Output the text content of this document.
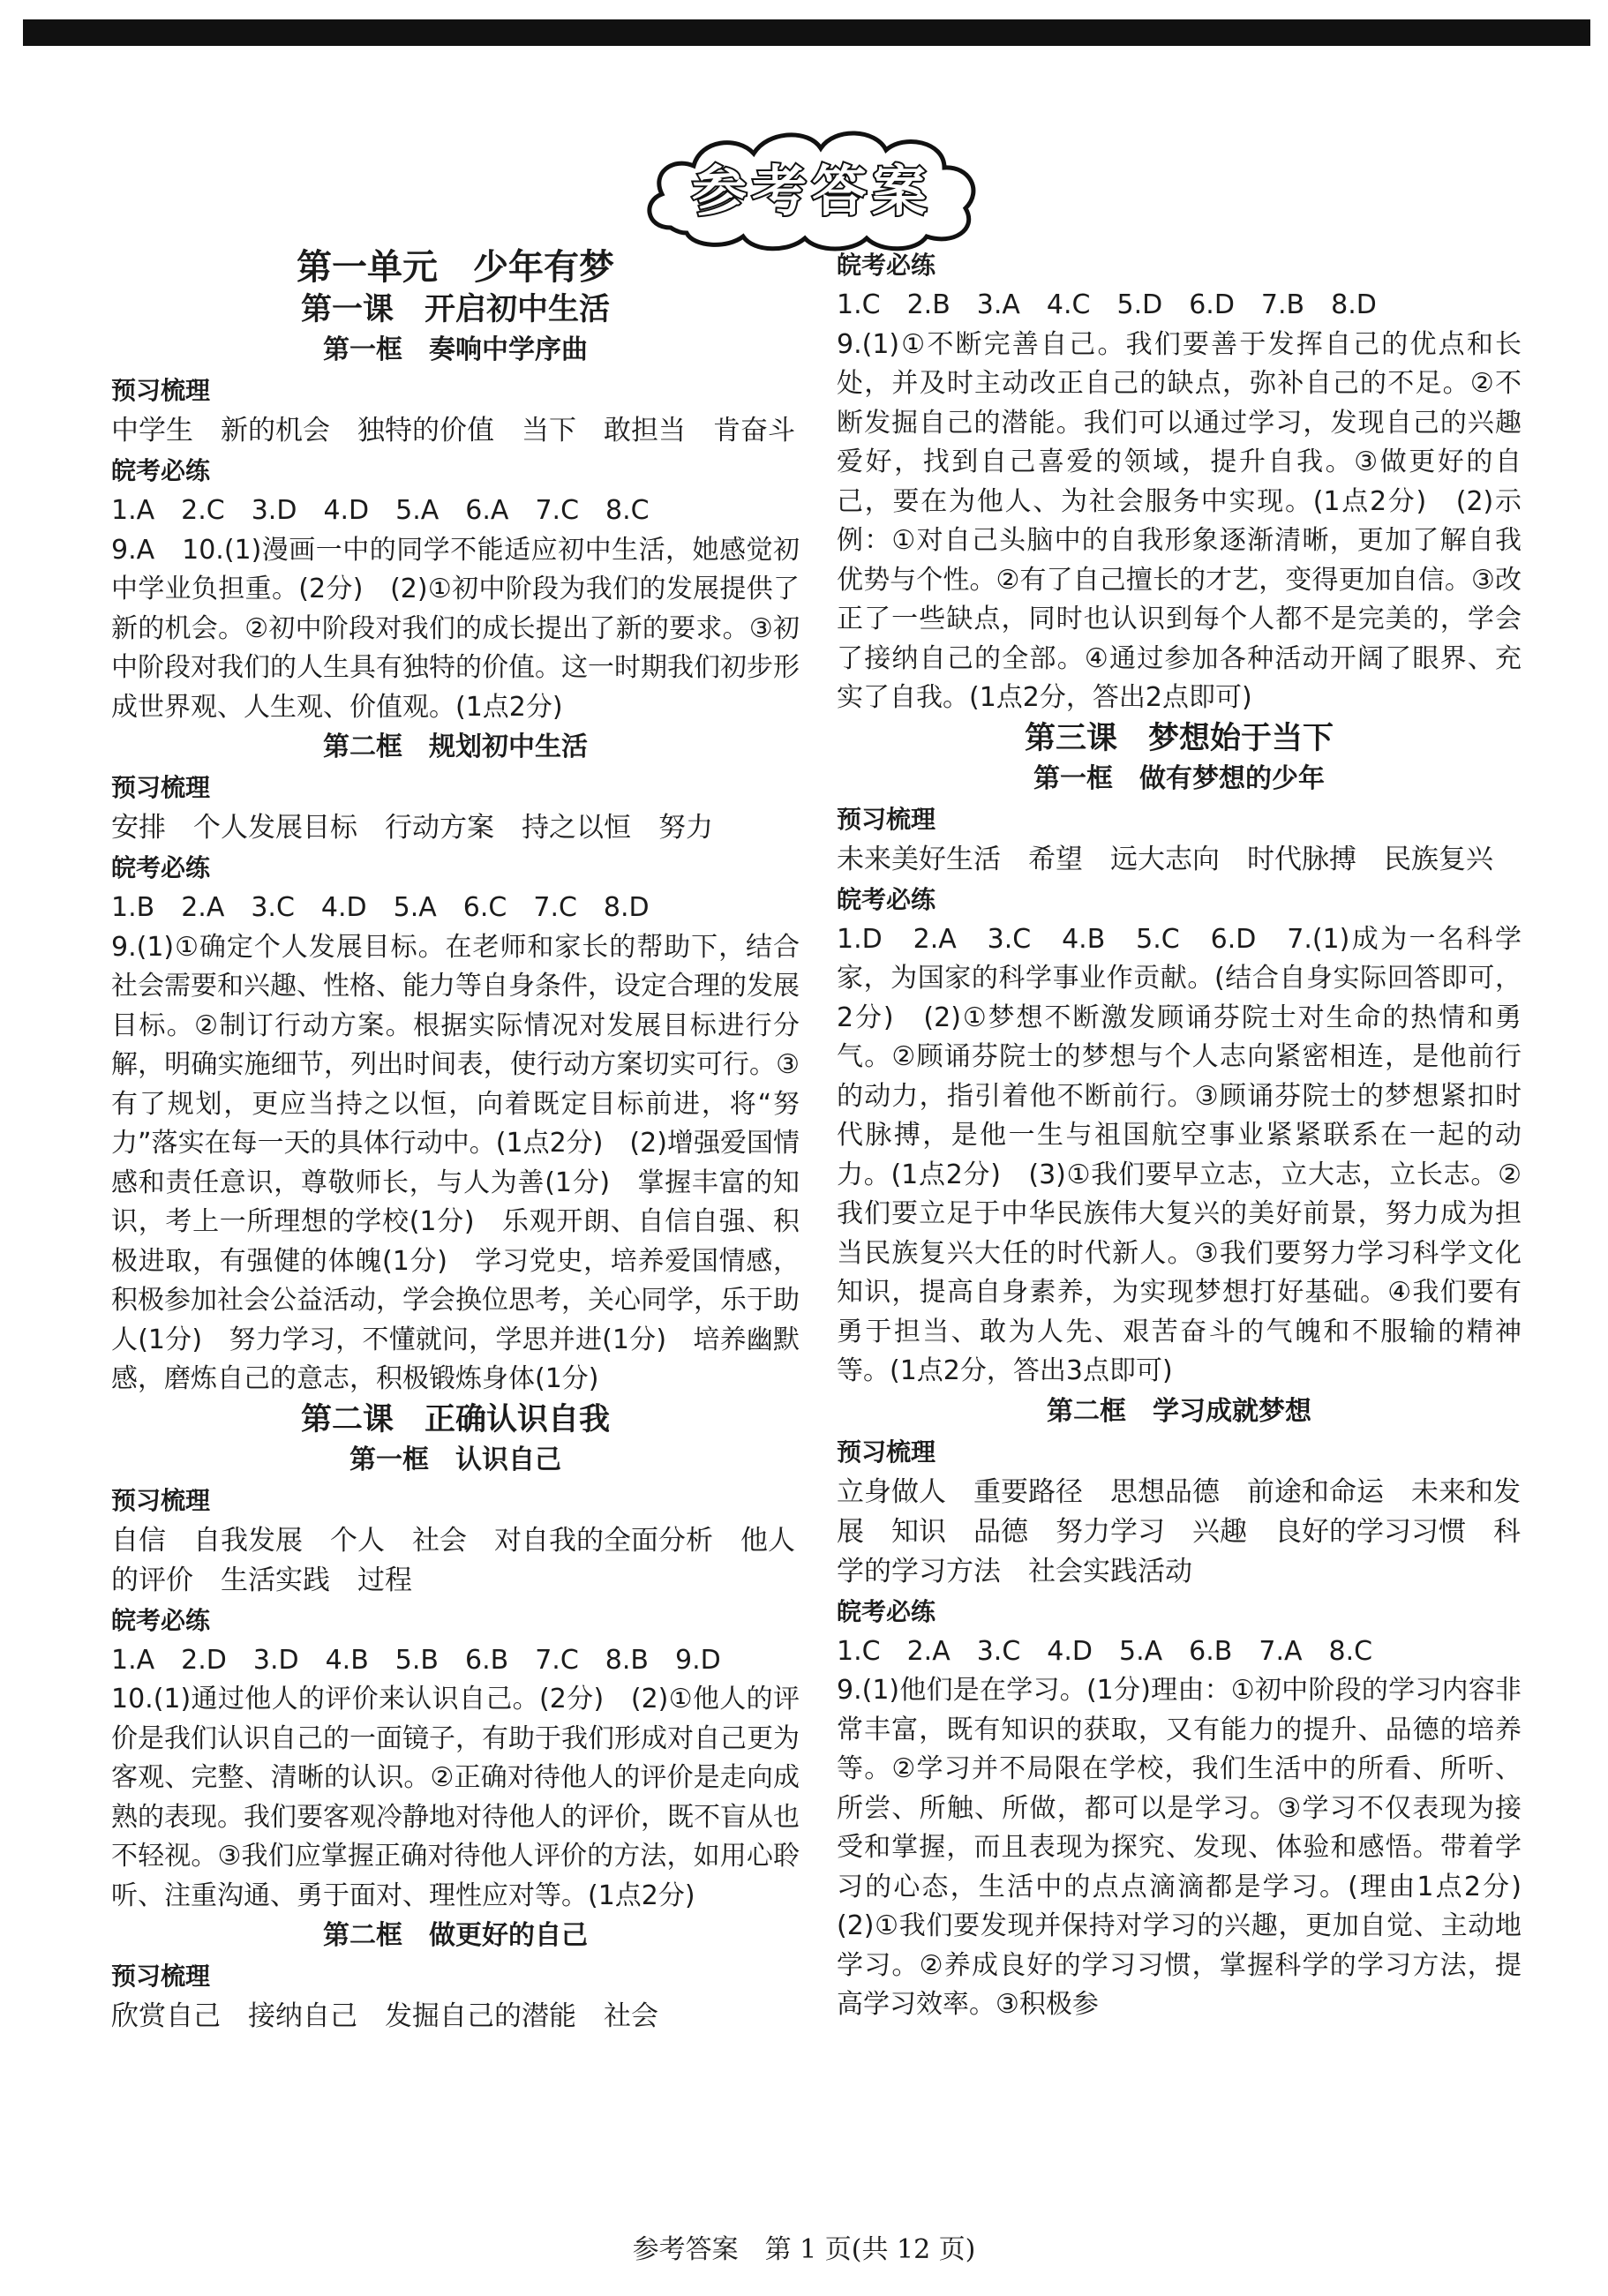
参考答案

第一单元　少年有梦

第一课　开启初中生活

第一框　奏响中学序曲

预习梳理

中学生　新的机会　独特的价值　当下　敢担当　肯奋斗

皖考必练

1.A　2.C　3.D　4.D　5.A　6.A　7.C　8.C

9.A　10.(1)漫画一中的同学不能适应初中生活，她感觉初中学业负担重。(2分)　(2)①初中阶段为我们的发展提供了新的机会。②初中阶段对我们的成长提出了新的要求。③初中阶段对我们的人生具有独特的价值。这一时期我们初步形成世界观、人生观、价值观。(1点2分)

第二框　规划初中生活

预习梳理

安排　个人发展目标　行动方案　持之以恒　努力

皖考必练

1.B　2.A　3.C　4.D　5.A　6.C　7.C　8.D

9.(1)①确定个人发展目标。在老师和家长的帮助下，结合社会需要和兴趣、性格、能力等自身条件，设定合理的发展目标。②制订行动方案。根据实际情况对发展目标进行分解，明确实施细节，列出时间表，使行动方案切实可行。③有了规划，更应当持之以恒，向着既定目标前进，将“努力”落实在每一天的具体行动中。(1点2分)　(2)增强爱国情感和责任意识，尊敬师长，与人为善(1分)　掌握丰富的知识，考上一所理想的学校(1分)　乐观开朗、自信自强、积极进取，有强健的体魄(1分)　学习党史，培养爱国情感，积极参加社会公益活动，学会换位思考，关心同学，乐于助人(1分)　努力学习，不懂就问，学思并进(1分)　培养幽默感，磨炼自己的意志，积极锻炼身体(1分)

第二课　正确认识自我

第一框　认识自己

预习梳理

自信　自我发展　个人　社会　对自我的全面分析　他人的评价　生活实践　过程

皖考必练

1.A　2.D　3.D　4.B　5.B　6.B　7.C　8.B　9.D

10.(1)通过他人的评价来认识自己。(2分)　(2)①他人的评价是我们认识自己的一面镜子，有助于我们形成对自己更为客观、完整、清晰的认识。②正确对待他人的评价是走向成熟的表现。我们要客观冷静地对待他人的评价，既不盲从也不轻视。③我们应掌握正确对待他人评价的方法，如用心聆听、注重沟通、勇于面对、理性应对等。(1点2分)

第二框　做更好的自己

预习梳理

欣赏自己　接纳自己　发掘自己的潜能　社会

皖考必练

1.C　2.B　3.A　4.C　5.D　6.D　7.B　8.D

9.(1)①不断完善自己。我们要善于发挥自己的优点和长处，并及时主动改正自己的缺点，弥补自己的不足。②不断发掘自己的潜能。我们可以通过学习，发现自己的兴趣爱好，找到自己喜爱的领域，提升自我。③做更好的自己，要在为他人、为社会服务中实现。(1点2分)　(2)示例：①对自己头脑中的自我形象逐渐清晰，更加了解自我优势与个性。②有了自己擅长的才艺，变得更加自信。③改正了一些缺点，同时也认识到每个人都不是完美的，学会了接纳自己的全部。④通过参加各种活动开阔了眼界、充实了自我。(1点2分，答出2点即可)

第三课　梦想始于当下

第一框　做有梦想的少年

预习梳理

未来美好生活　希望　远大志向　时代脉搏　民族复兴

皖考必练

1.D　2.A　3.C　4.B　5.C　6.D　7.(1)成为一名科学家，为国家的科学事业作贡献。(结合自身实际回答即可，2分)　(2)①梦想不断激发顾诵芬院士对生命的热情和勇气。②顾诵芬院士的梦想与个人志向紧密相连，是他前行的动力，指引着他不断前行。③顾诵芬院士的梦想紧扣时代脉搏，是他一生与祖国航空事业紧紧联系在一起的动力。(1点2分)　(3)①我们要早立志，立大志，立长志。②我们要立足于中华民族伟大复兴的美好前景，努力成为担当民族复兴大任的时代新人。③我们要努力学习科学文化知识，提高自身素养，为实现梦想打好基础。④我们要有勇于担当、敢为人先、艰苦奋斗的气魄和不服输的精神等。(1点2分，答出3点即可)

第二框　学习成就梦想

预习梳理

立身做人　重要路径　思想品德　前途和命运　未来和发展　知识　品德　努力学习　兴趣　良好的学习习惯　科学的学习方法　社会实践活动

皖考必练

1.C　2.A　3.C　4.D　5.A　6.B　7.A　8.C

9.(1)他们是在学习。(1分)理由：①初中阶段的学习内容非常丰富，既有知识的获取，又有能力的提升、品德的培养等。②学习并不局限在学校，我们生活中的所看、所听、所尝、所触、所做，都可以是学习。③学习不仅表现为接受和掌握，而且表现为探究、发现、体验和感悟。带着学习的心态，生活中的点点滴滴都是学习。(理由1点2分)　(2)①我们要发现并保持对学习的兴趣，更加自觉、主动地学习。②养成良好的学习习惯，掌握科学的学习方法，提高学习效率。③积极参

参考答案　第 1 页(共 12 页)
